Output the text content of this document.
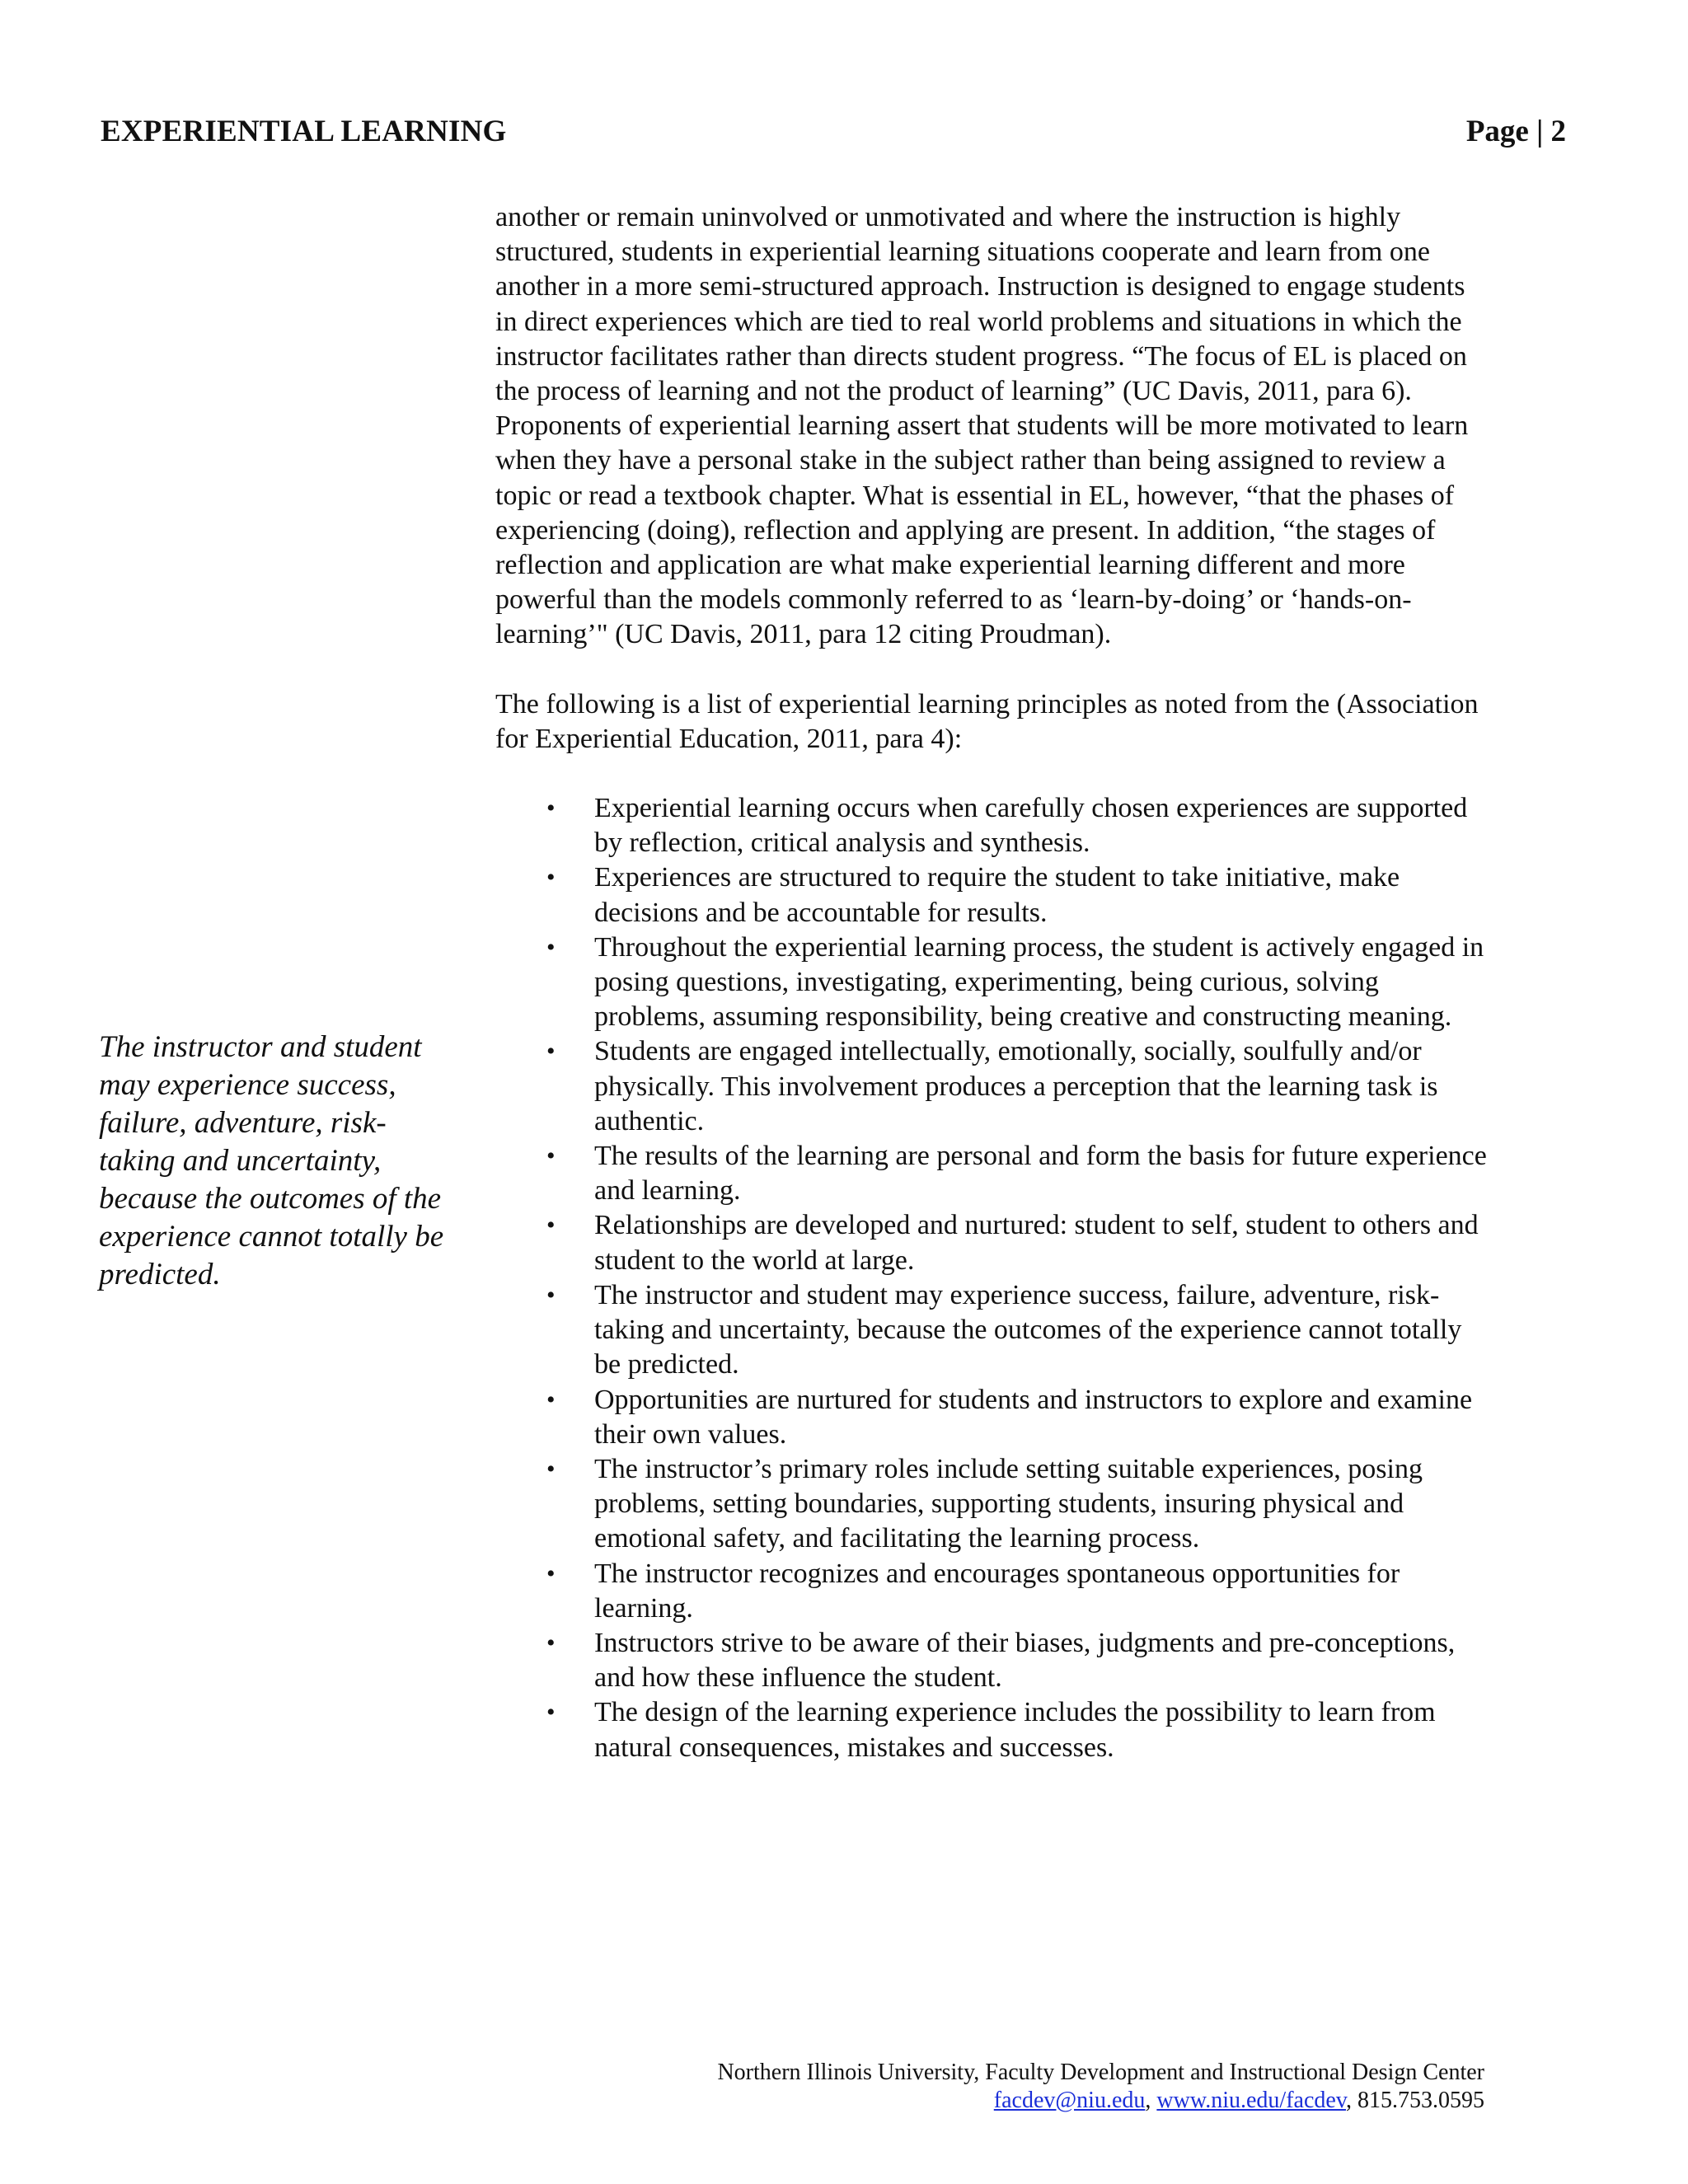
EXPERIENTIAL LEARNING	Page | 2
The instructor and student may experience success, failure, adventure, risk-taking and uncertainty, because the outcomes of the experience cannot totally be predicted.

another or remain uninvolved or unmotivated and where the instruction is highly structured, students in experiential learning situations cooperate and learn from one another in a more semi-structured approach. Instruction is designed to engage students in direct experiences which are tied to real world problems and situations in which the instructor facilitates rather than directs student progress. “The focus of EL is placed on the process of learning and not the product of learning” (UC Davis, 2011, para 6). Proponents of experiential learning assert that students will be more motivated to learn when they have a personal stake in the subject rather than being assigned to review a topic or read a textbook chapter. What is essential in EL, however, “that the phases of experiencing (doing), reflection and applying are present. In addition, “the stages of reflection and application are what make experiential learning different and more powerful than the models commonly referred to as ‘learn-by-doing’ or ‘hands-on-learning’" (UC Davis, 2011, para 12 citing Proudman).

The following is a list of experiential learning principles as noted from the (Association for Experiential Education, 2011, para 4):

• Experiential learning occurs when carefully chosen experiences are supported by reflection, critical analysis and synthesis.
• Experiences are structured to require the student to take initiative, make decisions and be accountable for results.
• Throughout the experiential learning process, the student is actively engaged in posing questions, investigating, experimenting, being curious, solving problems, assuming responsibility, being creative and constructing meaning.
• Students are engaged intellectually, emotionally, socially, soulfully and/or physically. This involvement produces a perception that the learning task is authentic.
• The results of the learning are personal and form the basis for future experience and learning.
• Relationships are developed and nurtured: student to self, student to others and student to the world at large.
• The instructor and student may experience success, failure, adventure, risk-taking and uncertainty, because the outcomes of the experience cannot totally be predicted.
• Opportunities are nurtured for students and instructors to explore and examine their own values.
• The instructor’s primary roles include setting suitable experiences, posing problems, setting boundaries, supporting students, insuring physical and emotional safety, and facilitating the learning process.
• The instructor recognizes and encourages spontaneous opportunities for learning.
• Instructors strive to be aware of their biases, judgments and pre-conceptions, and how these influence the student.
• The design of the learning experience includes the possibility to learn from natural consequences, mistakes and successes.
Northern Illinois University, Faculty Development and Instructional Design Center
facdev@niu.edu, www.niu.edu/facdev, 815.753.0595
